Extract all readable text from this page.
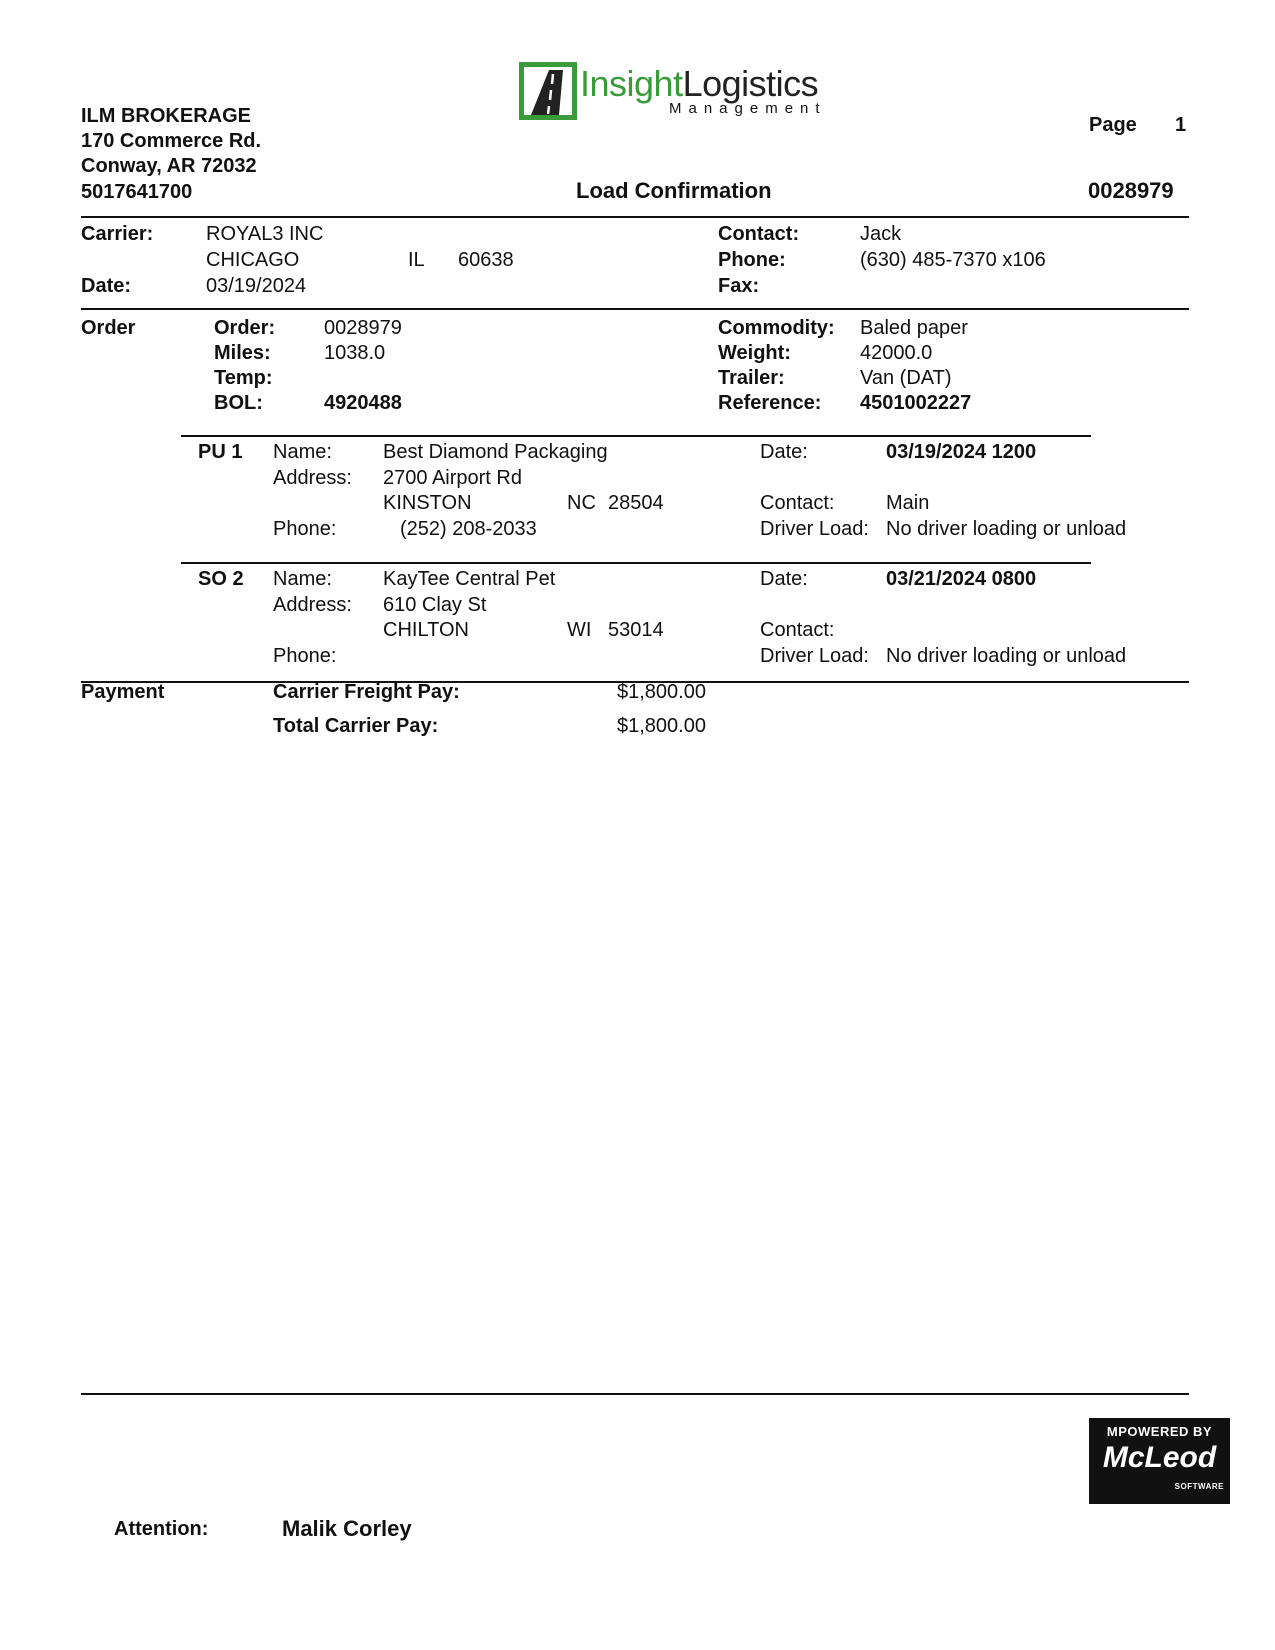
InsightLogistics
Management
ILM BROKERAGE
170 Commerce Rd.
Conway, AR 72032
5017641700
Page 1
Load Confirmation	0028979
Carrier:	ROYAL3 INC
CHICAGO	IL 60638
Date:	03/19/2024
Contact:	Jack
Phone:	(630) 485-7370 x106
Fax:
Order	Order: 0028979
Miles:	1038.0
Temp:
BOL:	4920488
Commodity: Baled paper
Weight:	42000.0
Trailer:	Van (DAT)
Reference: 4501002227
PU 1 Name:	Best Diamond Packaging
Address: 2700 Airport Rd
KINSTON	NC 28504
Phone:	(252) 208-2033
Date:	03/19/2024 1200
Contact:	Main
Driver Load: No driver loading or unload
SO 2 Name:	KayTee Central Pet
Address: 610 Clay St
CHILTON	WI 53014
Phone:
Date:	03/21/2024 0800
Contact:
Driver Load: No driver loading or unload
Payment	Carrier Freight Pay:	$1,800.00
Total Carrier Pay:	$1,800.00
MPOWERED BY
McLeod
SOFTWARE
Attention:	Malik Corley
